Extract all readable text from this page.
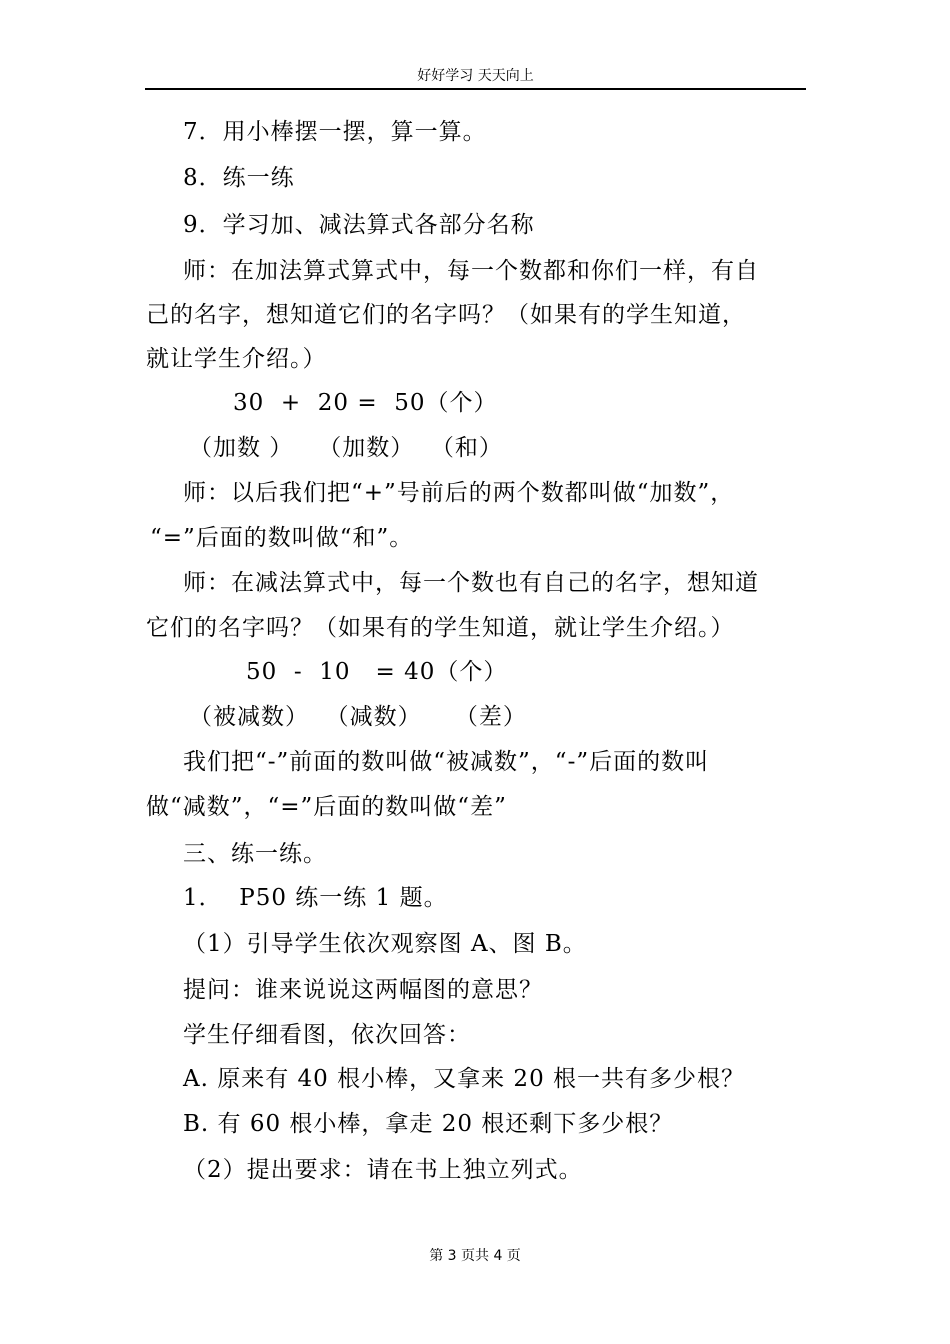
好好学习 天天向上
7．用小棒摆一摆，算一算。
8．练一练
9．学习加、减法算式各部分名称
师：在加法算式算式中，每一个数都和你们一样，有自
己的名字，想知道它们的名字吗？（如果有的学生知道，
就让学生介绍。）
30  +  20 =  50（个）
（加数 ）   （加数）  （和）
师：以后我们把“+”号前后的两个数都叫做“加数”，
“=”后面的数叫做“和”。
师：在减法算式中，每一个数也有自己的名字，想知道
它们的名字吗？（如果有的学生知道，就让学生介绍。）
50  -  10   = 40（个）
（被减数）  （减数）    （差）
我们把“-”前面的数叫做“被减数”，“-”后面的数叫
做“减数”，“=”后面的数叫做“差”
三、练一练。
1．  P50 练一练 1 题。
（1）引导学生依次观察图 A、图 B。
提问：谁来说说这两幅图的意思？
学生仔细看图，依次回答：
A. 原来有 40 根小棒，又拿来 20 根一共有多少根？
B. 有 60 根小棒，拿走 20 根还剩下多少根？
（2）提出要求：请在书上独立列式。
第 3 页共 4 页
